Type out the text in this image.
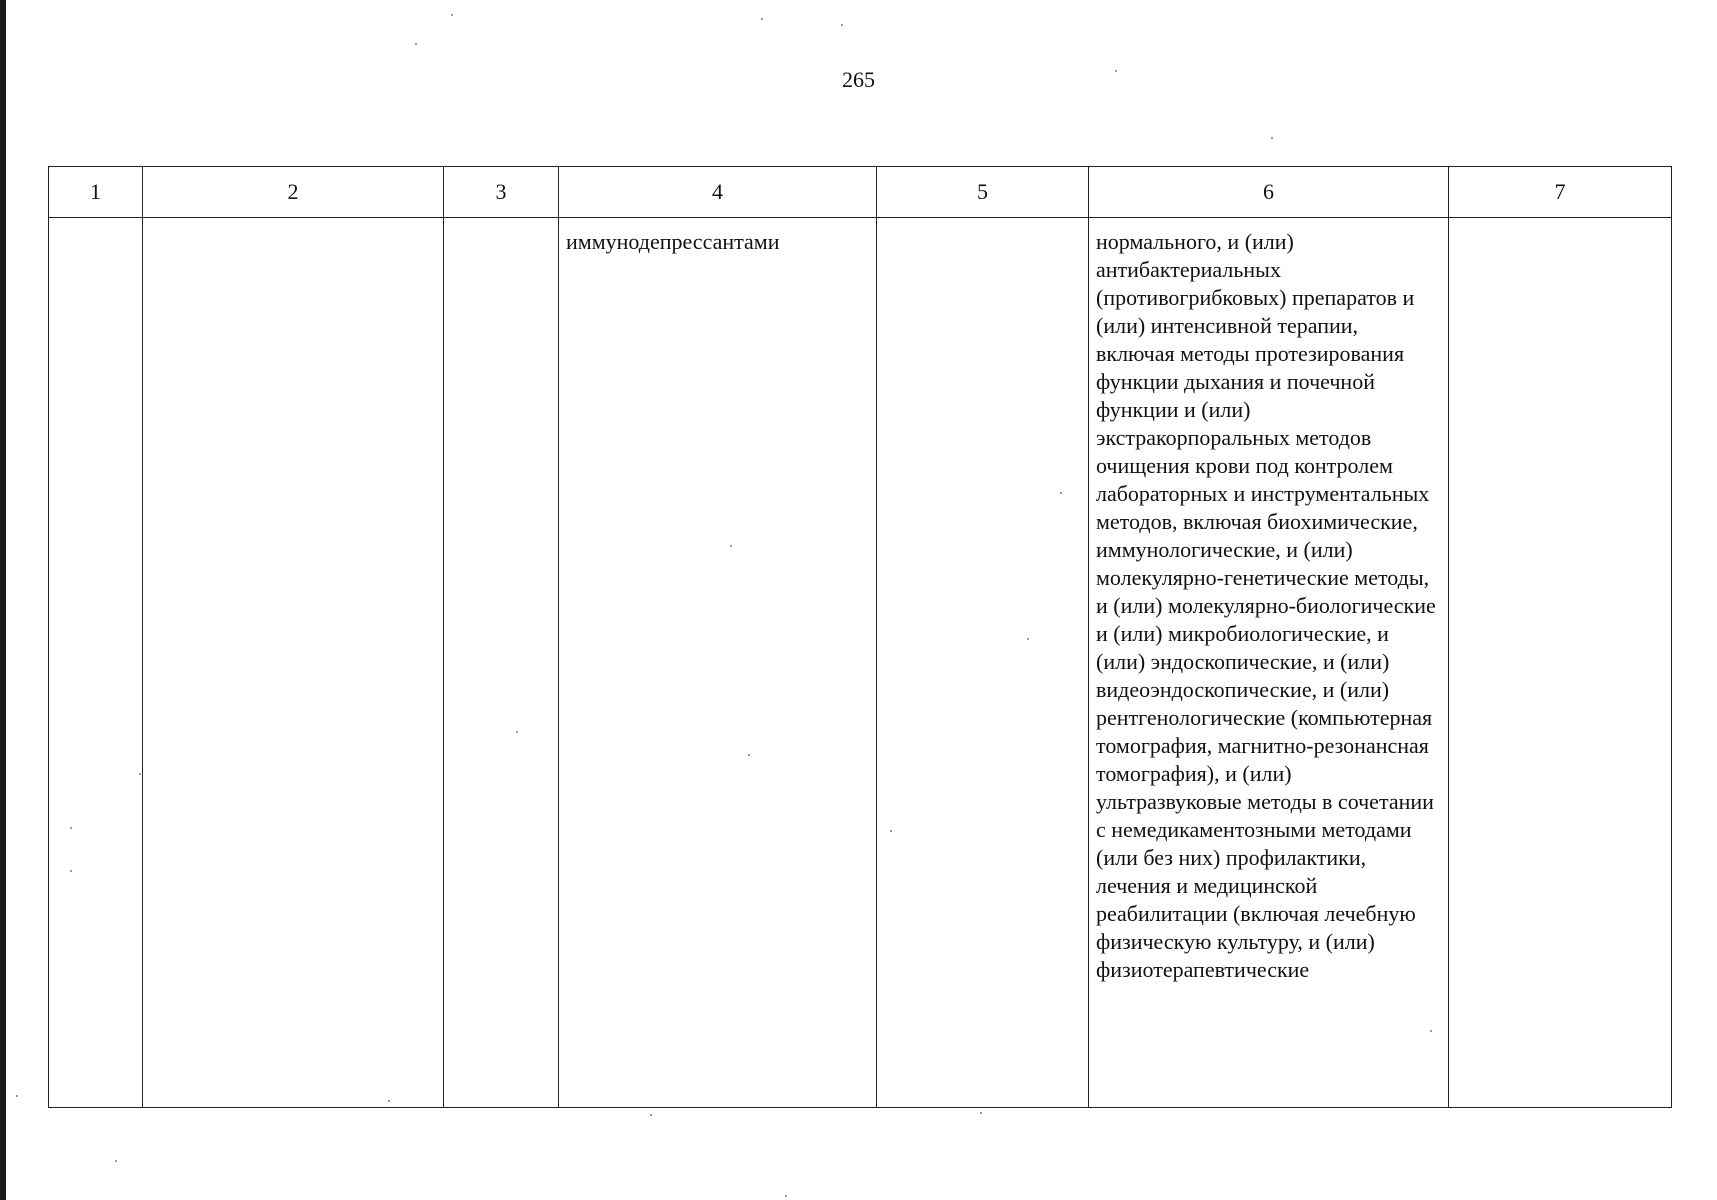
265
1	2	3	4	5	6	7

			иммунодепрессантами		нормального, и (или) антибактериальных (противогрибковых) препаратов и (или) интенсивной терапии, включая методы протезирования функции дыхания и почечной функции и (или) экстракорпоральных методов очищения крови под контролем лабораторных и инструментальных методов, включая биохимические, иммунологические, и (или) молекулярно-генетические методы, и (или) молекулярно-биологические и (или) микробиологические, и (или) эндоскопические, и (или) видеоэндоскопические, и (или) рентгенологические (компьютерная томография, магнитно-резонансная томография), и (или) ультразвуковые методы в сочетании с немедикаментозными методами (или без них) профилактики, лечения и медицинской реабилитации (включая лечебную физическую культуру, и (или) физиотерапевтические	
